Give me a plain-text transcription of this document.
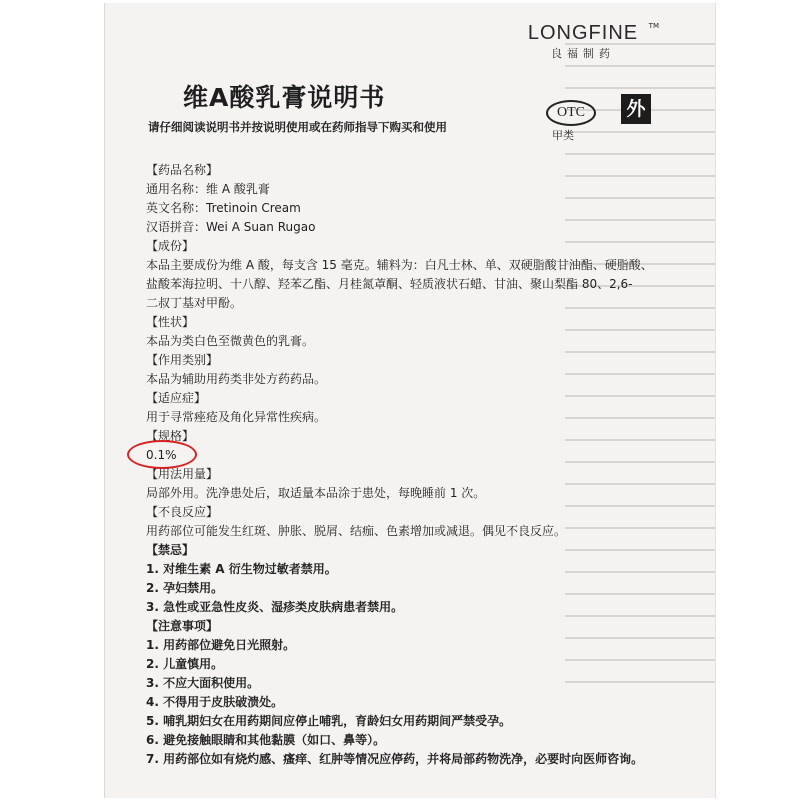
LONGFINE	TM
良福制药
维A酸乳膏说明书
请仔细阅读说明书并按说明使用或在药师指导下购买和使用
OTC
甲类
外
【药品名称】
通用名称：维 A 酸乳膏
英文名称：Tretinoin Cream
汉语拼音：Wei A Suan Rugao
【成份】
本品主要成份为维 A 酸，每支含 15 毫克。辅料为：白凡士林、单、双硬脂酸甘油酯、硬脂酸、
盐酸苯海拉明、十八醇、羟苯乙酯、月桂氮䓬酮、轻质液状石蜡、甘油、聚山梨酯 80、2,6-
二叔丁基对甲酚。
【性状】
本品为类白色至微黄色的乳膏。
【作用类别】
本品为辅助用药类非处方药药品。
【适应症】
用于寻常痤疮及角化异常性疾病。
【规格】
0.1%
【用法用量】
局部外用。洗净患处后，取适量本品涂于患处，每晚睡前 1 次。
【不良反应】
用药部位可能发生红斑、肿胀、脱屑、结痂、色素增加或减退。偶见不良反应。
【禁忌】
1. 对维生素 A 衍生物过敏者禁用。
2. 孕妇禁用。
3. 急性或亚急性皮炎、湿疹类皮肤病患者禁用。
【注意事项】
1. 用药部位避免日光照射。
2. 儿童慎用。
3. 不应大面积使用。
4. 不得用于皮肤破溃处。
5. 哺乳期妇女在用药期间应停止哺乳，育龄妇女用药期间严禁受孕。
6. 避免接触眼睛和其他黏膜（如口、鼻等）。
7. 用药部位如有烧灼感、瘙痒、红肿等情况应停药，并将局部药物洗净，必要时向医师咨询。
